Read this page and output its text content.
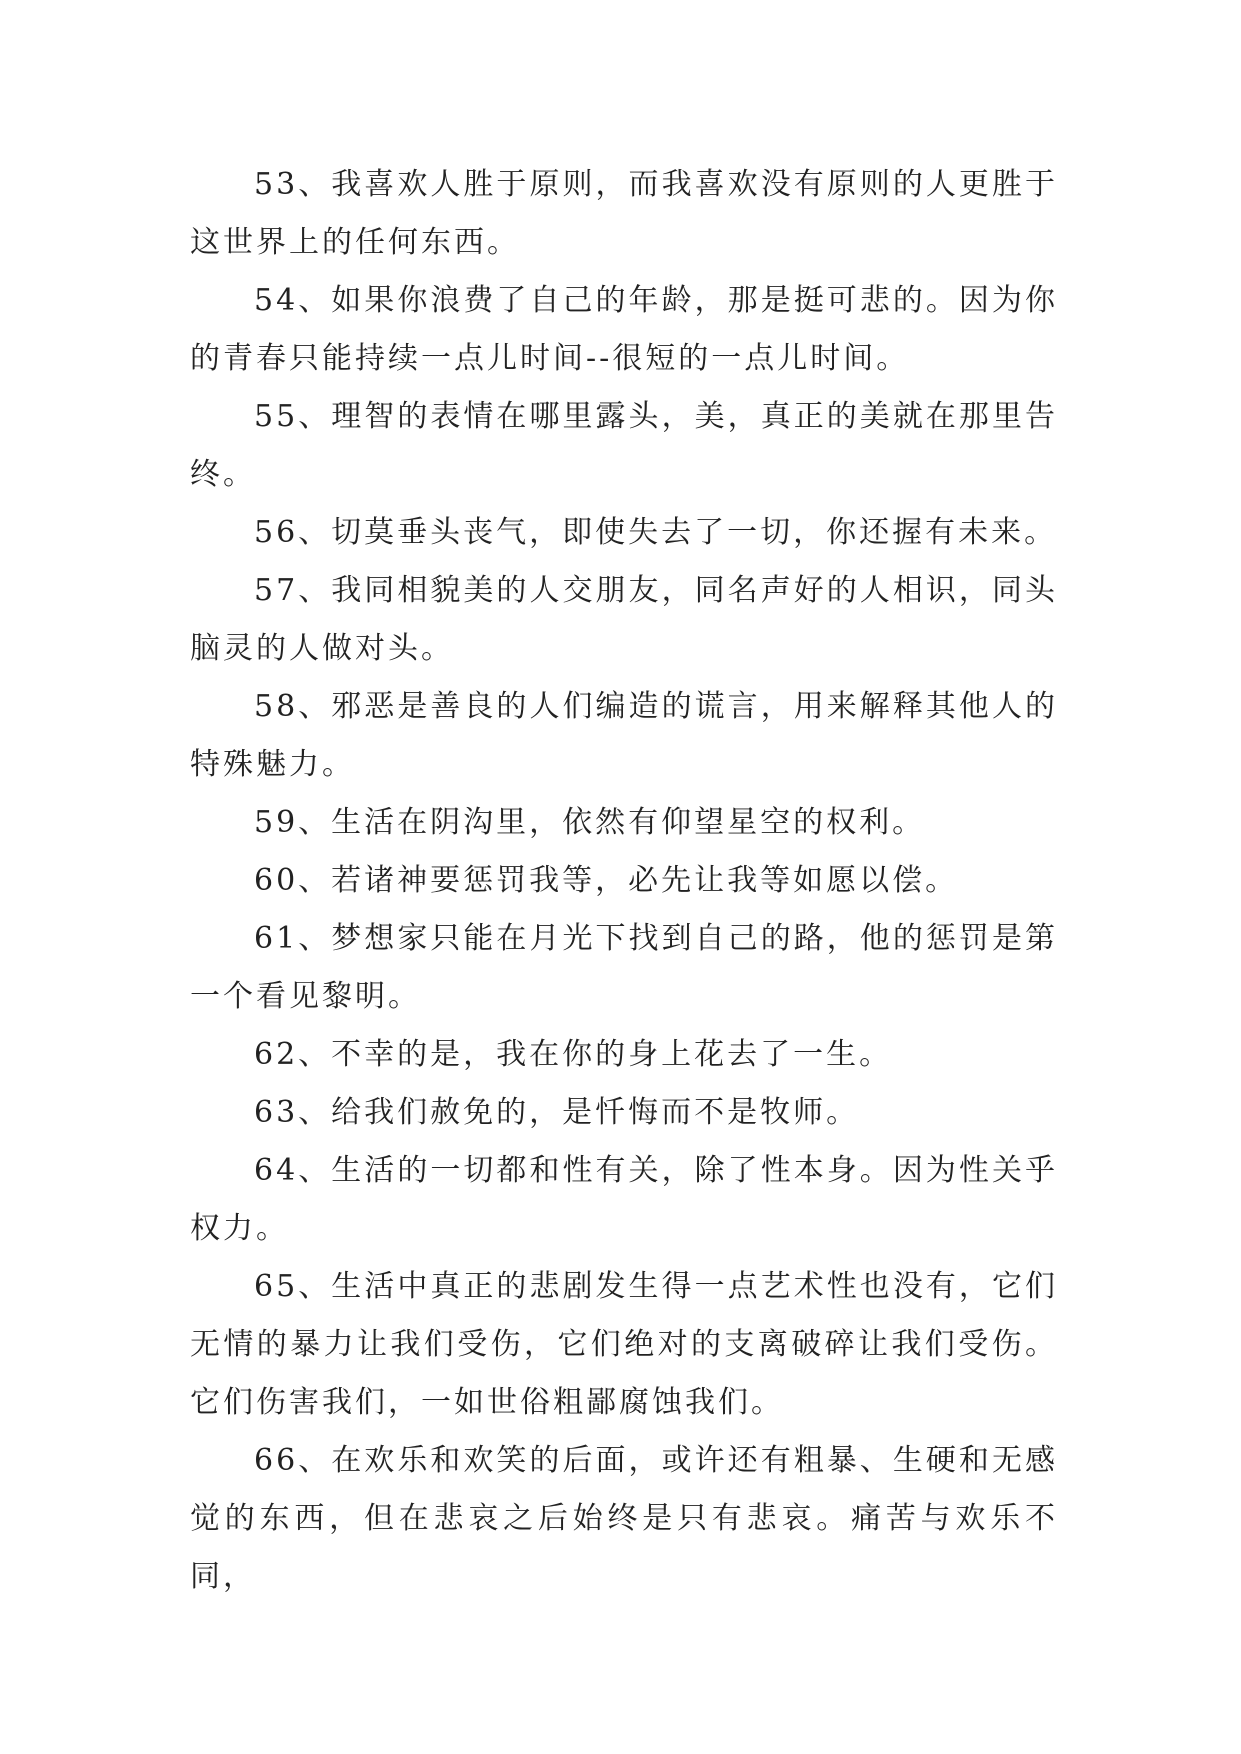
53、我喜欢人胜于原则，而我喜欢没有原则的人更胜于这世界上的任何东西。

54、如果你浪费了自己的年龄，那是挺可悲的。因为你的青春只能持续一点儿时间--很短的一点儿时间。

55、理智的表情在哪里露头，美，真正的美就在那里告终。

56、切莫垂头丧气，即使失去了一切，你还握有未来。

57、我同相貌美的人交朋友，同名声好的人相识，同头脑灵的人做对头。

58、邪恶是善良的人们编造的谎言，用来解释其他人的特殊魅力。

59、生活在阴沟里，依然有仰望星空的权利。

60、若诸神要惩罚我等，必先让我等如愿以偿。

61、梦想家只能在月光下找到自己的路，他的惩罚是第一个看见黎明。

62、不幸的是，我在你的身上花去了一生。

63、给我们赦免的，是忏悔而不是牧师。

64、生活的一切都和性有关，除了性本身。因为性关乎权力。

65、生活中真正的悲剧发生得一点艺术性也没有，它们无情的暴力让我们受伤，它们绝对的支离破碎让我们受伤。它们伤害我们，一如世俗粗鄙腐蚀我们。

66、在欢乐和欢笑的后面，或许还有粗暴、生硬和无感觉的东西，但在悲哀之后始终是只有悲哀。痛苦与欢乐不同，
